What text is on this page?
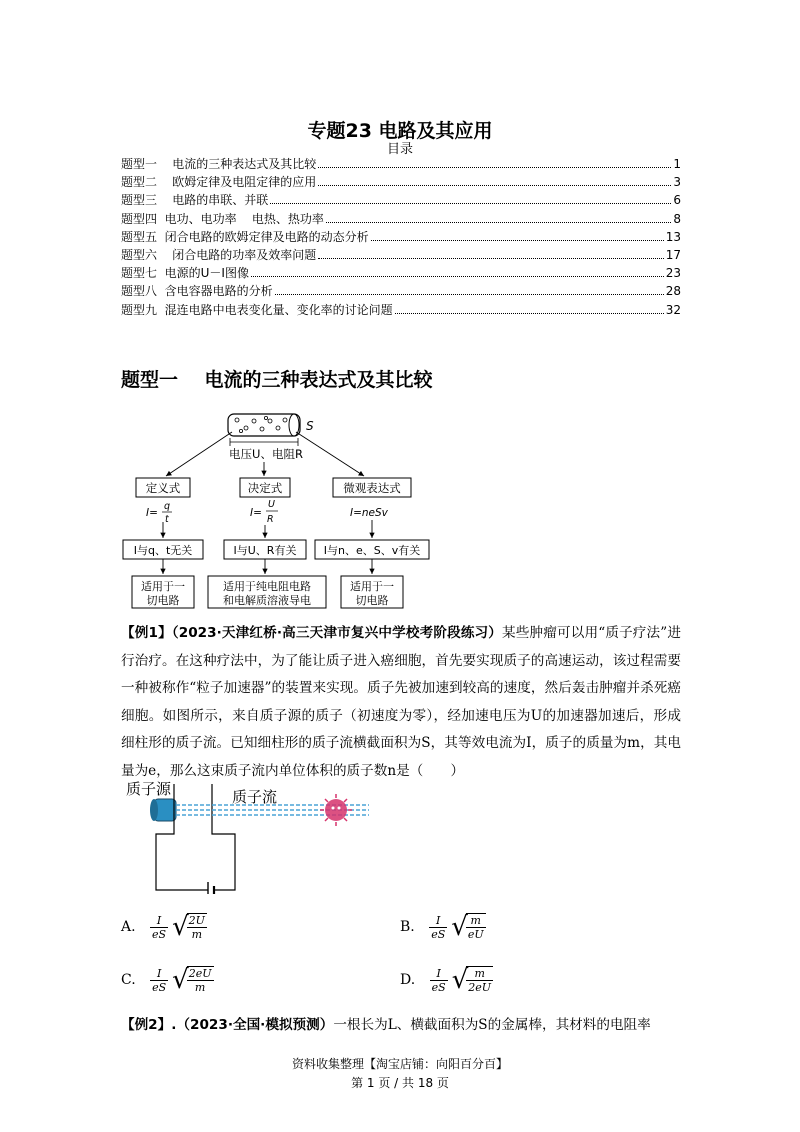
专题23 电路及其应用
目录
题型一    电流的三种表达式及其比较	1
题型二    欧姆定律及电阻定律的应用	3
题型三    电路的串联、并联	6
题型四  电功、电功率    电热、热功率	8
题型五  闭合电路的欧姆定律及电路的动态分析	13
题型六    闭合电路的功率及效率问题	17
题型七  电源的U－I图像	23
题型八  含电容器电路的分析	28
题型九  混连电路中电表变化量、变化率的讨论问题	32
题型一    电流的三种表达式及其比较
S
电压U、电阻R
定义式	决定式	微观表达式
I=
q
t
I=
U
R
I=neSv
I与q、t无关	I与U、R有关 I与n、e、S、v有关
适用于一
切电路
适用于纯电阻电路
和电解质溶液导电
适用于一
切电路
【例1】（2023·天津红桥·高三天津市复兴中学校考阶段练习）某些肿瘤可以用“质子疗法”进行治疗。在这种疗法中，为了能让质子进入癌细胞，首先要实现质子的高速运动，该过程需要一种被称作“粒子加速器”的装置来实现。质子先被加速到较高的速度，然后轰击肿瘤并杀死癌细胞。如图所示，来自质子源的质子（初速度为零），经加速电压为U的加速器加速后，形成细柱形的质子流。已知细柱形的质子流横截面积为S，其等效电流为I，质子的质量为m，其电量为e，那么这束质子流内单位体积的质子数n是（　　）
质子源	质子流
A. $\frac{I}{eS}$ √
$\frac{2U}{m}$	B. $\frac{I}{eS}$ √
$\frac{m}{eU}$
C. $\frac{I}{eS}$ √
$\frac{2eU}{m}$	D. $\frac{I}{eS}$ √
$\frac{m}{2eU}$
【例2】.（2023·全国·模拟预测）一根长为L、横截面积为S的金属棒，其材料的电阻率
资料收集整理【淘宝店铺：向阳百分百】
第 1 页 / 共 18 页
